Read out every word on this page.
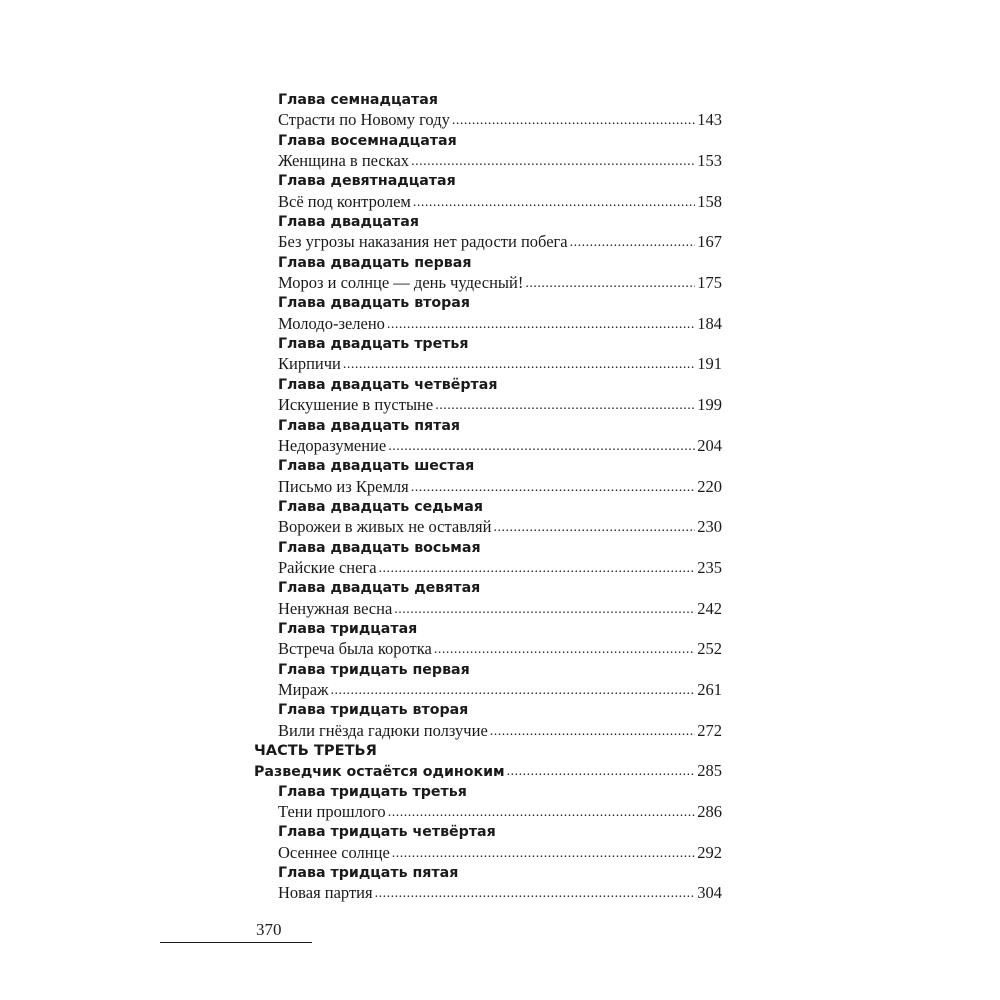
Глава семнадцатая
Страсти по Новому году .....	143
Глава восемнадцатая
Женщина в песках .....	153
Глава девятнадцатая
Всё под контролем .....	158
Глава двадцатая
Без угрозы наказания нет радости побега .....	167
Глава двадцать первая
Мороз и солнце — день чудесный! .....	175
Глава двадцать вторая
Молодо-зелено .....	184
Глава двадцать третья
Кирпичи .....	191
Глава двадцать четвёртая
Искушение в пустыне .....	199
Глава двадцать пятая
Недоразумение .....	204
Глава двадцать шестая
Письмо из Кремля .....	220
Глава двадцать седьмая
Ворожеи в живых не оставляй .....	230
Глава двадцать восьмая
Райские снега .....	235
Глава двадцать девятая
Ненужная весна .....	242
Глава тридцатая
Встреча была коротка .....	252
Глава тридцать первая
Мираж .....	261
Глава тридцать вторая
Вили гнёзда гадюки ползучие .....	272
ЧАСТЬ ТРЕТЬЯ
Разведчик остаётся одиноким .....	285
Глава тридцать третья
Тени прошлого .....	286
Глава тридцать четвёртая
Осеннее солнце .....	292
Глава тридцать пятая
Новая партия .....	304
370
